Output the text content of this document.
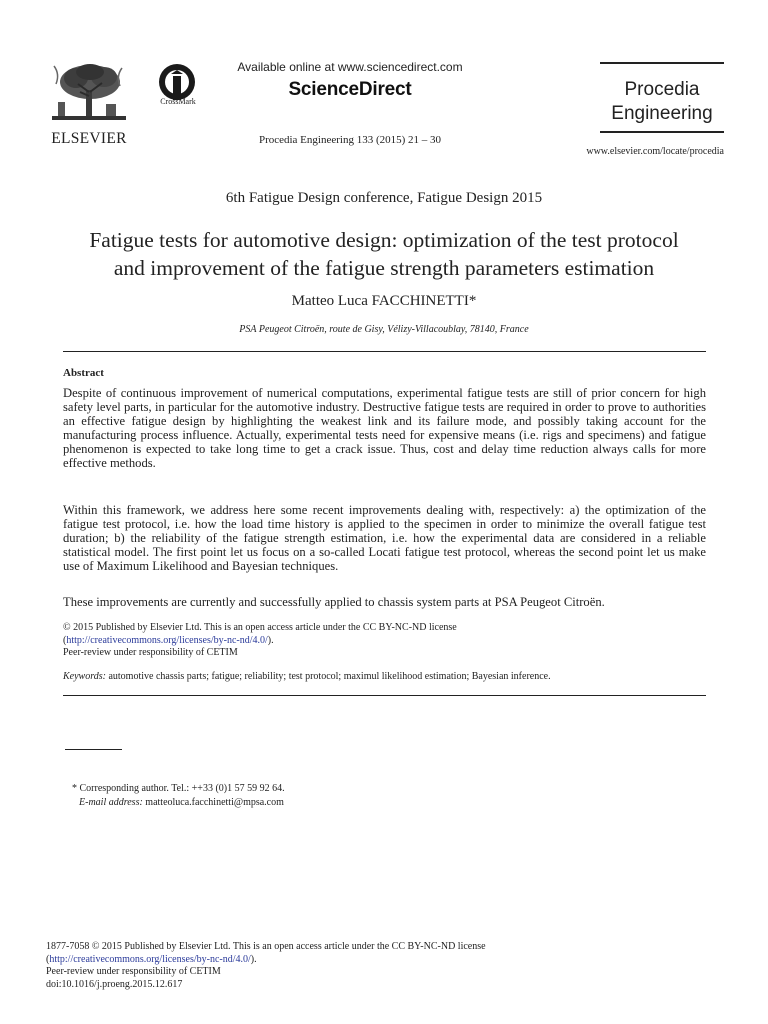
ELSEVIER
CrossMark
Available online at www.sciencedirect.com
ScienceDirect
Procedia Engineering 133 (2015) 21 – 30
Procedia
Engineering
www.elsevier.com/locate/procedia
6th Fatigue Design conference, Fatigue Design 2015
Fatigue tests for automotive design: optimization of the test protocol
and improvement of the fatigue strength parameters estimation
Matteo Luca FACCHINETTI*
PSA Peugeot Citroën, route de Gisy, Vélizy-Villacoublay, 78140, France
Abstract
Despite of continuous improvement of numerical computations, experimental fatigue tests are still of prior concern for high safety level parts, in particular for the automotive industry. Destructive fatigue tests are required in order to prove to authorities an effective fatigue design by highlighting the weakest link and its failure mode, and possibly taking account for the manufacturing process influence. Actually, experimental tests need for expensive means (i.e. rigs and specimens) and fatigue phenomenon is expected to take long time to get a crack issue. Thus, cost and delay time reduction always calls for more effective methods.
Within this framework, we address here some recent improvements dealing with, respectively: a) the optimization of the fatigue test protocol, i.e. how the load time history is applied to the specimen in order to minimize the overall fatigue test duration; b) the reliability of the fatigue strength estimation, i.e. how the experimental data are considered in a reliable statistical model. The first point let us focus on a so-called Locati fatigue test protocol, whereas the second point let us make use of Maximum Likelihood and Bayesian techniques.
These improvements are currently and successfully applied to chassis system parts at PSA Peugeot Citroën.
© 2015 Published by Elsevier Ltd. This is an open access article under the CC BY-NC-ND license
(http://creativecommons.org/licenses/by-nc-nd/4.0/).
Peer-review under responsibility of CETIM
Keywords: automotive chassis parts; fatigue; reliability; test protocol; maximul likelihood estimation; Bayesian inference.
* Corresponding author. Tel.: ++33 (0)1 57 59 92 64.
E-mail address: matteoluca.facchinetti@mpsa.com
1877-7058 © 2015 Published by Elsevier Ltd. This is an open access article under the CC BY-NC-ND license
(http://creativecommons.org/licenses/by-nc-nd/4.0/).
Peer-review under responsibility of CETIM
doi:10.1016/j.proeng.2015.12.617
